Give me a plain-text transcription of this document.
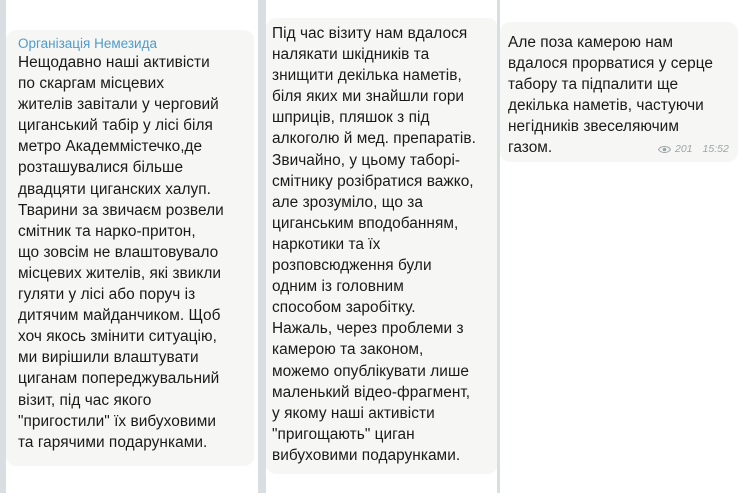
Організація Немезида
Нещодавно наші активісти
по скаргам місцевих
жителів завітали у черговий
циганський табір у лісі біля
метро Академмістечко,де
розташувалися більше
двадцяти циганских халуп.
Тварини за звичаєм розвели
смітник та нарко-притон,
що зовсім не влаштовувало
місцевих жителів, які звикли
гуляти у лісі або поруч із
дитячим майданчиком. Щоб
хоч якось змінити ситуацію,
ми вирішили влаштувати
циганам попереджувальний
візит, під час якого
"пригостили" їх вибуховими
та гарячими подарунками.
Під час візиту нам вдалося
налякати шкідників та
знищити декілька наметів,
біля яких ми знайшли гори
шприців, пляшок з під
алкоголю й мед. препаратів.
Звичайно, у цьому таборі-
смітнику розібратися важко,
але зрозуміло, що за
циганським вподобанням,
наркотики та їх
розповсюдження були
одним із головним
способом заробітку.
Нажаль, через проблеми з
камерою та законом,
можемо опублікувати лише
маленький відео-фрагмент,
у якому наші активісти
"пригощають" циган
вибуховими подарунками.
Але поза камерою нам
вдалося прорватися у серце
табору та підпалити ще
декілька наметів, частуючи
негідників звеселяючим
газом.	201 15:52
